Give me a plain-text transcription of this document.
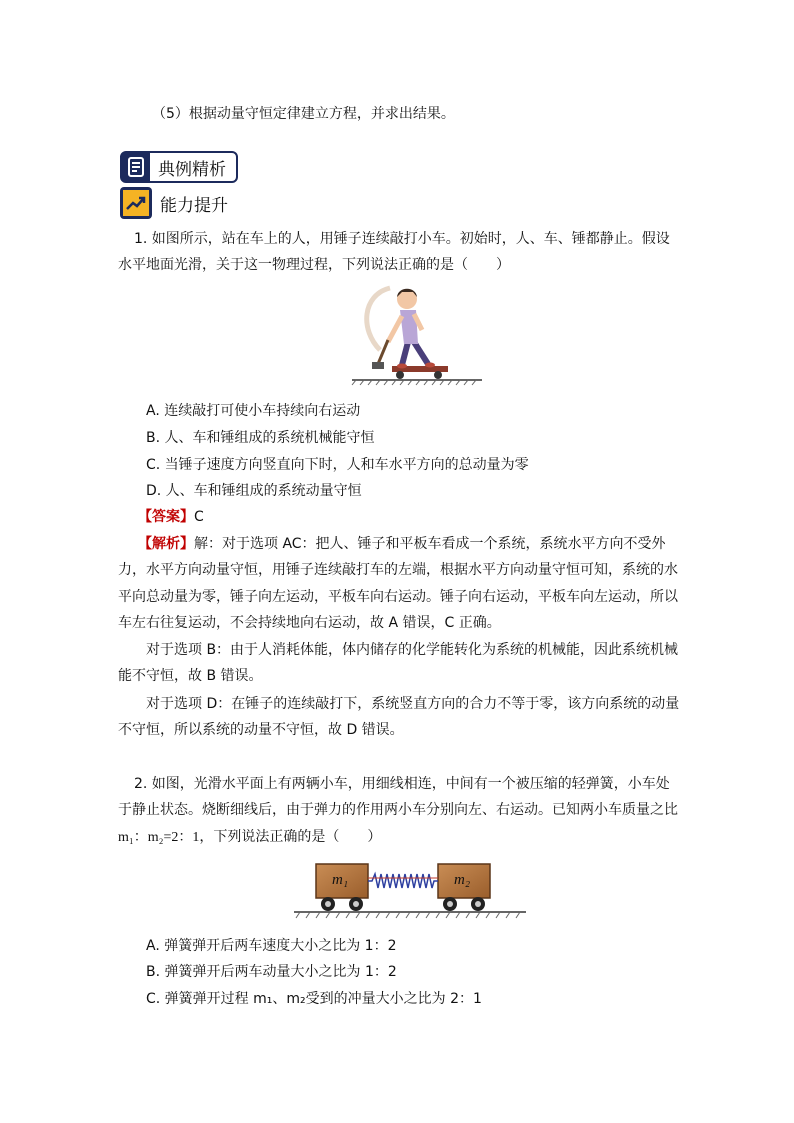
（5）根据动量守恒定律建立方程，并求出结果。
典例精析
能力提升
1. 如图所示，站在车上的人，用锤子连续敲打小车。初始时，人、车、锤都静止。假设
水平地面光滑，关于这一物理过程，下列说法正确的是（　　）
A. 连续敲打可使小车持续向右运动
B. 人、车和锤组成的系统机械能守恒
C. 当锤子速度方向竖直向下时，人和车水平方向的总动量为零
D. 人、车和锤组成的系统动量守恒
【答案】C
【解析】解：对于选项 AC：把人、锤子和平板车看成一个系统，系统水平方向不受外
力，水平方向动量守恒，用锤子连续敲打车的左端，根据水平方向动量守恒可知，系统的水
平向总动量为零，锤子向左运动，平板车向右运动。锤子向右运动，平板车向左运动，所以
车左右往复运动，不会持续地向右运动，故 A 错误，C 正确。
对于选项 B：由于人消耗体能，体内储存的化学能转化为系统的机械能，因此系统机械
能不守恒，故 B 错误。
对于选项 D：在锤子的连续敲打下，系统竖直方向的合力不等于零，该方向系统的动量
不守恒，所以系统的动量不守恒，故 D 错误。
2. 如图，光滑水平面上有两辆小车，用细线相连，中间有一个被压缩的轻弹簧，小车处
于静止状态。烧断细线后，由于弹力的作用两小车分别向左、右运动。已知两小车质量之比
m₁：m₂=2：1，下列说法正确的是（　　）
m₁	m₂
A. 弹簧弹开后两车速度大小之比为 1：2
B. 弹簧弹开后两车动量大小之比为 1：2
C. 弹簧弹开过程 m₁、m₂受到的冲量大小之比为 2：1
